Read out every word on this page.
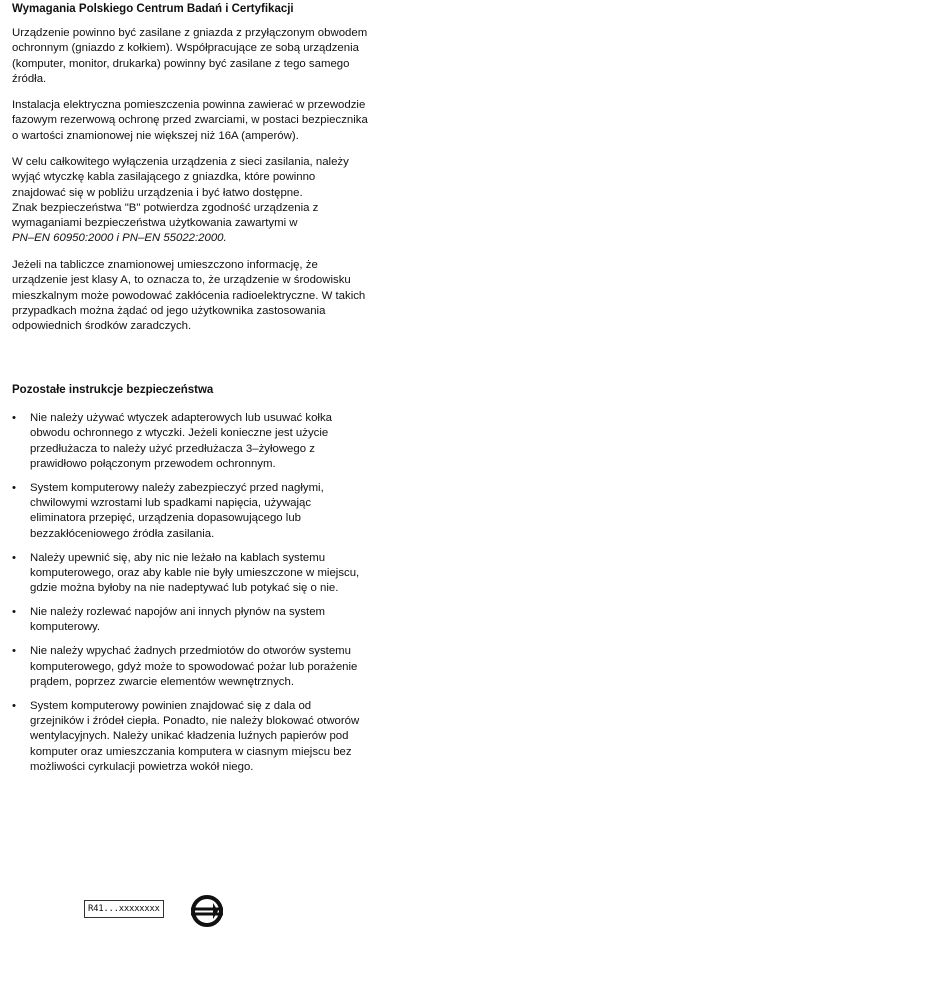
Wymagania Polskiego Centrum Badań i Certyfikacji

Urządzenie powinno być zasilane z gniazda z przyłączonym obwodem
ochronnym (gniazdo z kołkiem). Współpracujące ze sobą urządzenia
(komputer, monitor, drukarka) powinny być zasilane z tego samego
źródła.

Instalacja elektryczna pomieszczenia powinna zawierać w przewodzie
fazowym rezerwową ochronę przed zwarciami, w postaci bezpiecznika
o wartości znamionowej nie większej niż 16A (amperów).

W celu całkowitego wyłączenia urządzenia z sieci zasilania, należy
wyjąć wtyczkę kabla zasilającego z gniazdka, które powinno
znajdować się w pobliżu urządzenia i być łatwo dostępne.
Znak bezpieczeństwa "B" potwierdza zgodność urządzenia z
wymaganiami bezpieczeństwa użytkowania zawartymi w

PN–EN 60950:2000 i PN–EN 55022:2000.

Jeżeli na tabliczce znamionowej umieszczono informację, że
urządzenie jest klasy A, to oznacza to, że urządzenie w środowisku
mieszkalnym może powodować zakłócenia radioelektryczne. W takich
przypadkach można żądać od jego użytkownika zastosowania
odpowiednich środków zaradczych.

Pozostałe instrukcje bezpieczeństwa
• Nie należy używać wtyczek adapterowych lub usuwać kołka
obwodu ochronnego z wtyczki. Jeżeli konieczne jest użycie
przedłużacza to należy użyć przedłużacza 3–żyłowego z
prawidłowo połączonym przewodem ochronnym.
• System komputerowy należy zabezpieczyć przed nagłymi,
chwilowymi wzrostami lub spadkami napięcia, używając
eliminatora przepięć, urządzenia dopasowującego lub
bezzakłóceniowego źródła zasilania.
• Należy upewnić się, aby nic nie leżało na kablach systemu
komputerowego, oraz aby kable nie były umieszczone w miejscu,
gdzie można byłoby na nie nadeptywać lub potykać się o nie.
• Nie należy rozlewać napojów ani innych płynów na system
komputerowy.
• Nie należy wpychać żadnych przedmiotów do otworów systemu
komputerowego, gdyż może to spowodować pożar lub porażenie
prądem, poprzez zwarcie elementów wewnętrznych.
• System komputerowy powinien znajdować się z dala od
grzejników i źródeł ciepła. Ponadto, nie należy blokować otworów
wentylacyjnych. Należy unikać kładzenia luźnych papierów pod
komputer oraz umieszczania komputera w ciasnym miejscu bez
możliwości cyrkulacji powietrza wokół niego.
R41...xxxxxxxx
